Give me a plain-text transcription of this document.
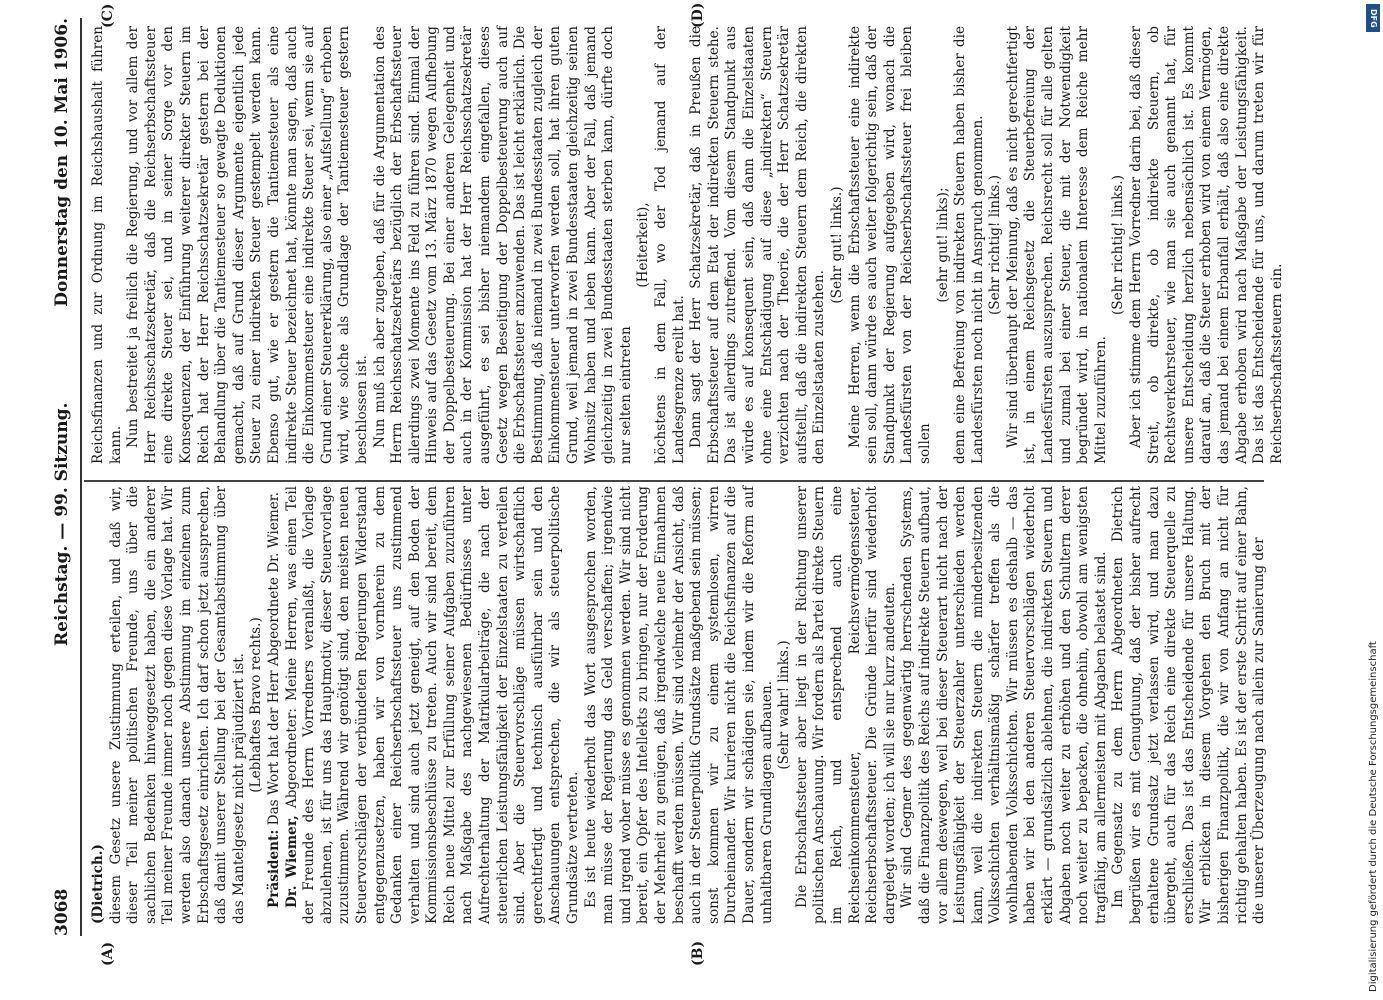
3068
Reichstag. — 99. Sitzung.
Donnerstag den 10. Mai 1906.
(A)	(B)
(C)	(D)

(Dietrich.) diesem Gesetz unsere Zustimmung erteilen, und daß wir, dieser Teil meiner politischen Freunde, uns über die sachlichen Bedenken hinweggesetzt haben, die ein anderer Teil meiner Freunde immer noch gegen diese Vorlage hat. Wir werden also danach unsere Abstimmung im einzelnen zum Erbschaftsgesetz einrichten. Ich darf schon jetzt aussprechen, daß damit unserer Stellung bei der Gesamtabstimmung über das Mantelgesetz nicht präjudiziert ist. (Lebhaftes Bravo rechts.)

Präsident: Das Wort hat der Herr Abgeordnete Dr. Wiemer.

Dr. Wiemer, Abgeordneter: Meine Herren, was einen Teil der Freunde des Herrn Vorredners veranlaßt, die Vorlage abzulehnen, ist für uns das Hauptmotiv, dieser Steuervorlage zuzustimmen. Während wir genötigt sind, den meisten neuen Steuervorschlägen der verbündeten Regierungen Widerstand entgegenzusetzen, haben wir von vornherein zu dem Gedanken einer Reichserbschaftssteuer uns zustimmend verhalten und sind auch jetzt geneigt, auf den Boden der Kommissionsbeschlüsse zu treten. Auch wir sind bereit, dem Reich neue Mittel zur Erfüllung seiner Aufgaben zuzuführen nach Maßgabe des nachgewiesenen Bedürfnisses unter Aufrechterhaltung der Matrikularbeiträge, die nach der steuerlichen Leistungsfähigkeit der Einzelstaaten zu verteilen sind. Aber die Steuervorschläge müssen wirtschaftlich gerechtfertigt und technisch ausführbar sein und den Anschauungen entsprechen, die wir als steuerpolitische Grundsätze vertreten. Es ist heute wiederholt das Wort ausgesprochen worden, man müsse der Regierung das Geld verschaffen; irgendwie und irgend woher müsse es genommen werden. Wir sind nicht bereit, ein Opfer des Intellekts zu bringen, nur der Forderung der Mehrheit zu genügen, daß irgendwelche neue Einnahmen beschafft werden müssen. Wir sind vielmehr der Ansicht, daß auch in der Steuerpolitik Grundsätze maßgebend sein müssen; sonst kommen wir zu einem systemlosen, wirren Durcheinander. Wir kurieren nicht die Reichsfinanzen auf die Dauer, sondern wir schädigen sie, indem wir die Reform auf unhaltbaren Grundlagen aufbauen. (Sehr wahr! links.) Die Erbschaftssteuer aber liegt in der Richtung unserer politischen Anschauung. Wir fordern als Partei direkte Steuern im Reich, und entsprechend auch eine Reichseinkommensteuer, Reichsvermögenssteuer, Reichserbschaftssteuer. Die Gründe hierfür sind wiederholt dargelegt worden; ich will sie nur kurz andeuten. Wir sind Gegner des gegenwärtig herrschenden Systems, daß die Finanzpolitik des Reichs auf indirekte Steuern aufbaut, vor allem deswegen, weil bei dieser Steuerart nicht nach der Leistungsfähigkeit der Steuerzahler unterschieden werden kann, weil die indirekten Steuern die minderbesitzenden Volksschichten verhältnismäßig schärfer treffen als die wohlhabenden Volksschichten. Wir müssen es deshalb — das haben wir bei den anderen Steuervorschlägen wiederholt erklärt — grundsätzlich ablehnen, die indirekten Steuern und Abgaben noch weiter zu erhöhen und den Schultern derer noch weiter zu bepacken, die ohnehin, obwohl am wenigsten tragfähig, am allermeisten mit Abgaben belastet sind. Im Gegensatz zu dem Herrn Abgeordneten Dietrich begrüßen wir es mit Genugtuung, daß der bisher aufrecht erhaltene Grundsatz jetzt verlassen wird, und man dazu übergeht, auch für das Reich eine direkte Steuerquelle zu erschließen. Das ist das Entscheidende für unsere Haltung. Wir erblicken in diesem Vorgehen den Bruch mit der bisherigen Finanzpolitik, die wir von Anfang an nicht für richtig gehalten haben. Es ist der erste Schritt auf einer Bahn, die unserer Überzeugung nach allein zur Sanierung der

Reichsfinanzen und zur Ordnung im Reichshaushalt führen kann. Nun bestreitet ja freilich die Regierung, und vor allem der Herr Reichsschatzsekretär, daß die Reichserbschaftssteuer eine direkte Steuer sei, und in seiner Sorge vor den Konsequenzen, der Einführung weiterer direkter Steuern im Reich hat der Herr Reichsschatzsekretär gestern bei der Behandlung über die Tantiemesteuer so gewagte Deduktionen gemacht, daß auf Grund dieser Argumente eigentlich jede Steuer zu einer indirekten Steuer gestempelt werden kann. Ebenso gut, wie er gestern die Tantiemesteuer als eine indirekte Steuer bezeichnet hat, könnte man sagen, daß auch die Einkommensteuer eine indirekte Steuer sei, wenn sie auf Grund einer Steuererklärung, also einer „Aufstellung“ erhoben wird, wie solche als Grundlage der Tantiemesteuer gestern beschlossen ist. Nun muß ich aber zugeben, daß für die Argumentation des Herrn Reichsschatzsekretärs bezüglich der Erbschaftssteuer allerdings zwei Momente ins Feld zu führen sind. Einmal der Hinweis auf das Gesetz vom 13. März 1870 wegen Aufhebung der Doppelbesteuerung. Bei einer anderen Gelegenheit und auch in der Kommission hat der Herr Reichsschatzsekretär ausgeführt, es sei bisher niemandem eingefallen, dieses Gesetz wegen Beseitigung der Doppelbesteuerung auch auf die Erbschaftssteuer anzuwenden. Das ist leicht erklärlich. Die Bestimmung, daß niemand in zwei Bundesstaaten zugleich der Einkommensteuer unterworfen werden soll, hat ihren guten Grund, weil jemand in zwei Bundesstaaten gleichzeitig seinen Wohnsitz haben und leben kann. Aber der Fall, daß jemand gleichzeitig in zwei Bundesstaaten sterben kann, dürfte doch nur selten eintreten

(Heiterkeit), höchstens in dem Fall, wo der Tod jemand auf der Landesgrenze ereilt hat. Dann sagt der Herr Schatzsekretär, daß in Preußen die Erbschaftssteuer auf dem Etat der indirekten Steuern stehe. Das ist allerdings zutreffend. Vom diesem Standpunkt aus würde es auf konsequent sein, daß dann die Einzelstaaten ohne eine Entschädigung auf diese „indirekten“ Steuern verzichten nach der Theorie, die der Herr Schatzsekretär aufstellt, daß die indirekten Steuern dem Reich, die direkten den Einzelstaaten zustehen.

(Sehr gut! links.) Meine Herren, wenn die Erbschaftssteuer eine indirekte sein soll, dann würde es auch weiter folgerichtig sein, daß der Standpunkt der Regierung aufgegeben wird, wonach die Landesfürsten von der Reichserbschaftssteuer frei bleiben sollen

(sehr gut! links); denn eine Befreiung von indirekten Steuern haben bisher die Landesfürsten noch nicht in Anspruch genommen. (Sehr richtig! links.) Wir sind überhaupt der Meinung, daß es nicht gerechtfertigt ist, in einem Reichsgesetz die Steuerbefreiung der Landesfürsten auszusprechen. Reichsrecht soll für alle gelten und zumal bei einer Steuer, die mit der Notwendigkeit begründet wird, in nationalem Interesse dem Reiche mehr Mittel zuzuführen.

(Sehr richtig! links.) Aber ich stimme dem Herrn Vorredner darin bei, daß dieser Streit, ob direkte, ob indirekte Steuern, ob Rechtsverkehrsteuer, wie man sie auch genannt hat, für unsere Entscheidung herzlich nebensächlich ist. Es kommt darauf an, daß die Steuer erhoben wird von einem Vermögen, das jemand bei einem Erbanfall erhält, daß also eine direkte Abgabe erhoben wird nach Maßgabe der Leistungsfähigkeit. Das ist das Entscheidende für uns, und darum treten wir für Reichserbschaftssteuern ein.

DFG
Digitalisierung gefördert durch die Deutsche Forschungsgemeinschaft
